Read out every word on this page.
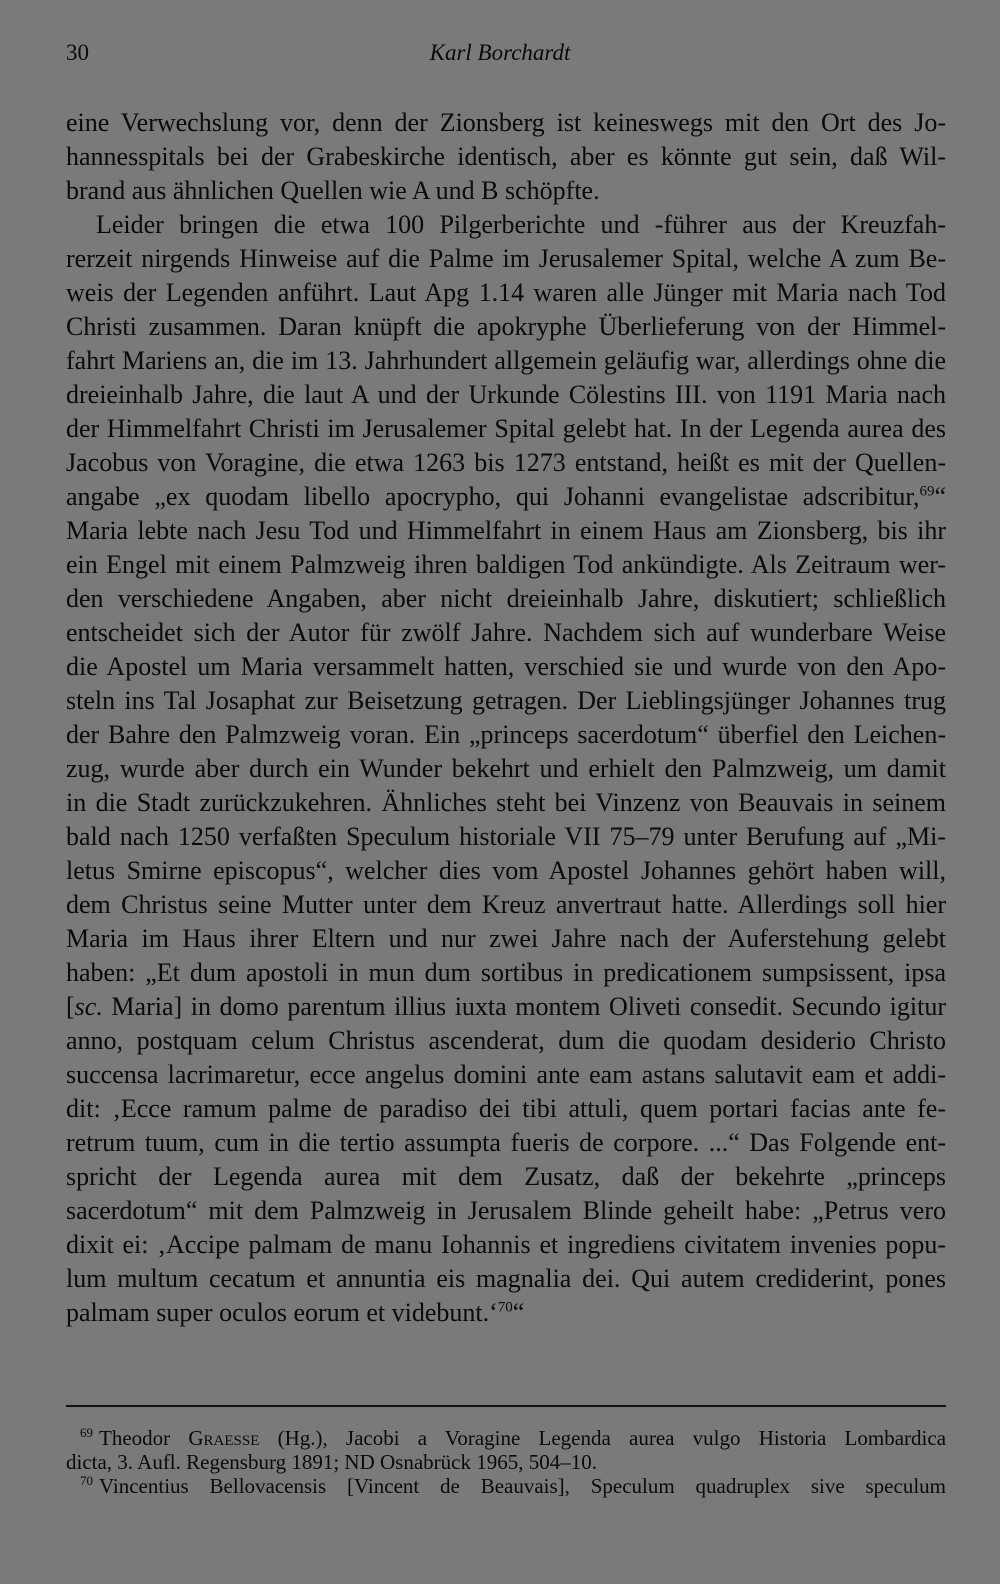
30	Karl Borchardt
eine Verwechslung vor, denn der Zionsberg ist keineswegs mit den Ort des Jo-
hannesspitals bei der Grabeskirche identisch, aber es könnte gut sein, daß Wil-
brand aus ähnlichen Quellen wie A und B schöpfte.
Leider bringen die etwa 100 Pilgerberichte und -führer aus der Kreuzfah-
rerzeit nirgends Hinweise auf die Palme im Jerusalemer Spital, welche A zum Be-
weis der Legenden anführt. Laut Apg 1.14 waren alle Jünger mit Maria nach Tod
Christi zusammen. Daran knüpft die apokryphe Überlieferung von der Himmel-
fahrt Mariens an, die im 13. Jahrhundert allgemein geläufig war, allerdings ohne die
dreieinhalb Jahre, die laut A und der Urkunde Cölestins III. von 1191 Maria nach
der Himmelfahrt Christi im Jerusalemer Spital gelebt hat. In der Legenda aurea des
Jacobus von Voragine, die etwa 1263 bis 1273 entstand, heißt es mit der Quellen-
angabe „ex quodam libello apocrypho, qui Johanni evangelistae adscribitur,$^{69}$“
Maria lebte nach Jesu Tod und Himmelfahrt in einem Haus am Zionsberg, bis ihr
ein Engel mit einem Palmzweig ihren baldigen Tod ankündigte. Als Zeitraum wer-
den verschiedene Angaben, aber nicht dreieinhalb Jahre, diskutiert; schließlich
entscheidet sich der Autor für zwölf Jahre. Nachdem sich auf wunderbare Weise
die Apostel um Maria versammelt hatten, verschied sie und wurde von den Apo-
steln ins Tal Josaphat zur Beisetzung getragen. Der Lieblingsjünger Johannes trug
der Bahre den Palmzweig voran. Ein „princeps sacerdotum“ überfiel den Leichen-
zug, wurde aber durch ein Wunder bekehrt und erhielt den Palmzweig, um damit
in die Stadt zurückzukehren. Ähnliches steht bei Vinzenz von Beauvais in seinem
bald nach 1250 verfaßten Speculum historiale VII 75–79 unter Berufung auf „Mi-
letus Smirne episcopus“, welcher dies vom Apostel Johannes gehört haben will,
dem Christus seine Mutter unter dem Kreuz anvertraut hatte. Allerdings soll hier
Maria im Haus ihrer Eltern und nur zwei Jahre nach der Auferstehung gelebt
haben: „Et dum apostoli in mun dum sortibus in predicationem sumpsissent, ipsa
[sc. Maria] in domo parentum illius iuxta montem Oliveti consedit. Secundo igitur
anno, postquam celum Christus ascenderat, dum die quodam desiderio Christo
succensa lacrimaretur, ecce angelus domini ante eam astans salutavit eam et addi-
dit: ‚Ecce ramum palme de paradiso dei tibi attuli, quem portari facias ante fe-
retrum tuum, cum in die tertio assumpta fueris de corpore. ...“ Das Folgende ent-
spricht der Legenda aurea mit dem Zusatz, daß der bekehrte „princeps
sacerdotum“ mit dem Palmzweig in Jerusalem Blinde geheilt habe: „Petrus vero
dixit ei: ‚Accipe palmam de manu Iohannis et ingrediens civitatem invenies popu-
lum multum cecatum et annuntia eis magnalia dei. Qui autem crediderint, pones
palmam super oculos eorum et videbunt.‘$^{70}$“
$^{69}$ Theodor Graesse (Hg.), Jacobi a Voragine Legenda aurea vulgo Historia Lombardica
dicta, 3. Aufl. Regensburg 1891; ND Osnabrück 1965, 504–10.
$^{70}$ Vincentius Bellovacensis [Vincent de Beauvais], Speculum quadruplex sive speculum
